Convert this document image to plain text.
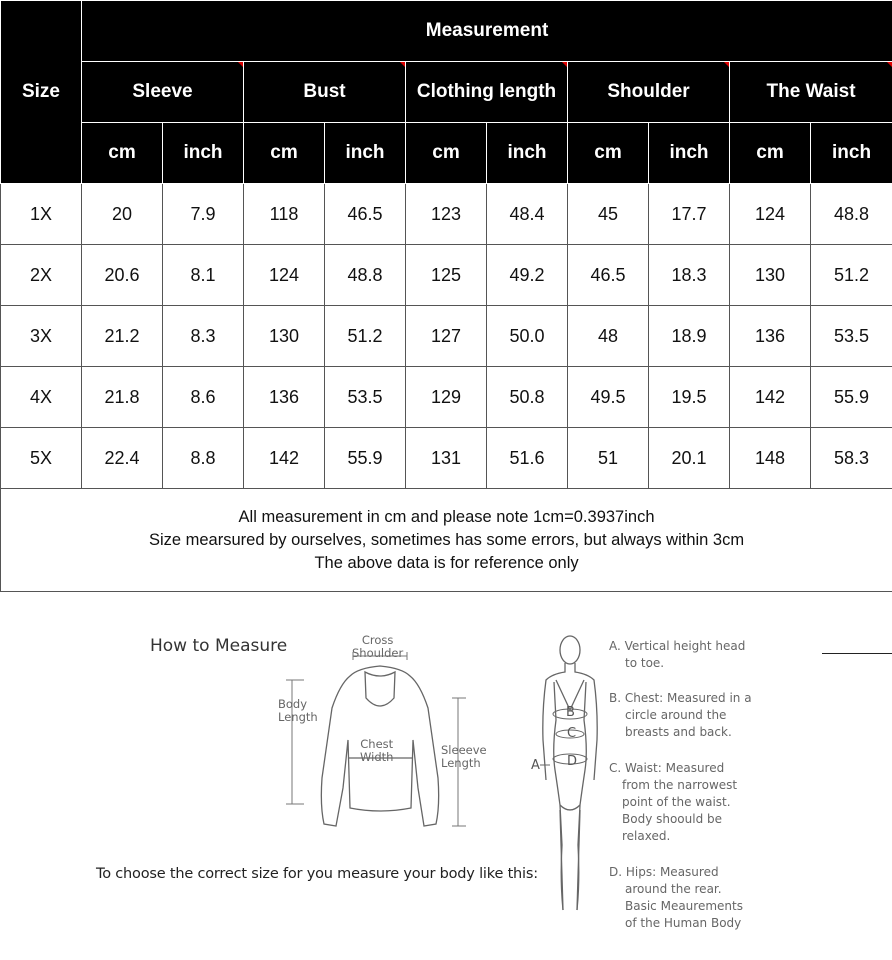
Size	Measurement									
	Sleeve		Bust		Clothing length		Shoulder		The Waist	
	cm	inch	cm	inch	cm	inch	cm	inch	cm	inch
1X	20	7.9	118	46.5	123	48.4	45	17.7	124	48.8
2X	20.6	8.1	124	48.8	125	49.2	46.5	18.3	130	51.2
3X	21.2	8.3	130	51.2	127	50.0	48	18.9	136	53.5
4X	21.8	8.6	136	53.5	129	50.8	49.5	19.5	142	55.9
5X	22.4	8.8	142	55.9	131	51.6	51	20.1	148	58.3

All measurement in cm and please note 1cm=0.3937inch
Size mearsured by ourselves, sometimes has some errors, but always within 3cm
The above data is for reference only										
How to Measure	Cross
Shoulder
Body
Length
Chest
Width	Sleeeve
Length
To choose the correct size for you measure your body like this:
A
B
C
D
A. Vertical height head
to toe.
B. Chest: Measured in a
circle around the
breasts and back.
C. Waist: Measured
from the narrowest
point of the waist.
Body shoould be
relaxed.
D. Hips: Measured
around the rear.
Basic Meaurements
of the Human Body
